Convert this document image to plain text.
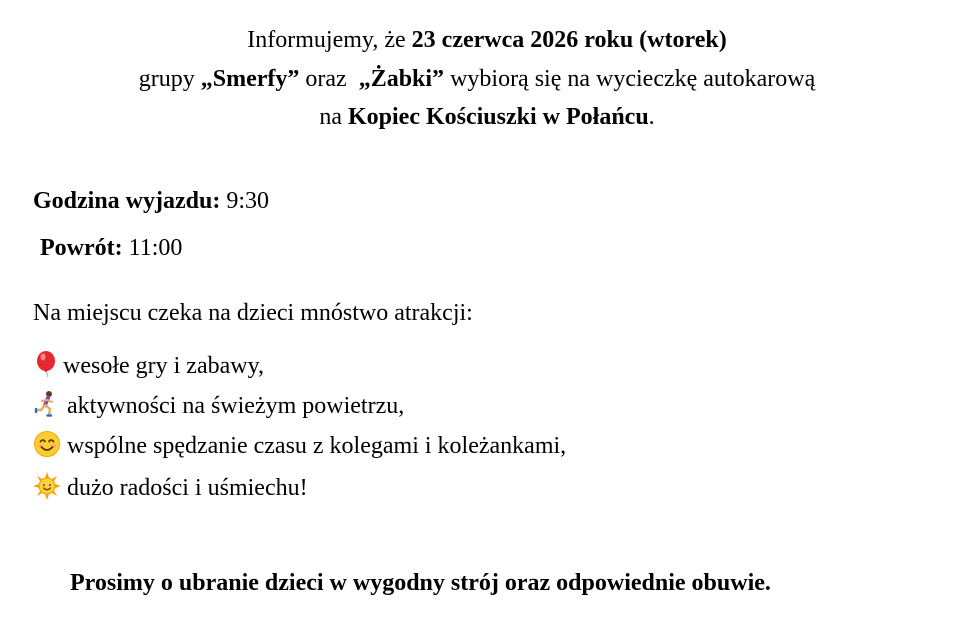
Informujemy, że 23 czerwca 2026 roku (wtorek)
grupy „Smerfy” oraz  „Żabki” wybiorą się na wycieczkę autokarową
na Kopiec Kościuszki w Połańcu.
Godzina wyjazdu: 9:30
Powrót: 11:00
Na miejscu czeka na dzieci mnóstwo atrakcji:
wesołe gry i zabawy,
aktywności na świeżym powietrzu,
wspólne spędzanie czasu z kolegami i koleżankami,
dużo radości i uśmiechu!
Prosimy o ubranie dzieci w wygodny strój oraz odpowiednie obuwie.
